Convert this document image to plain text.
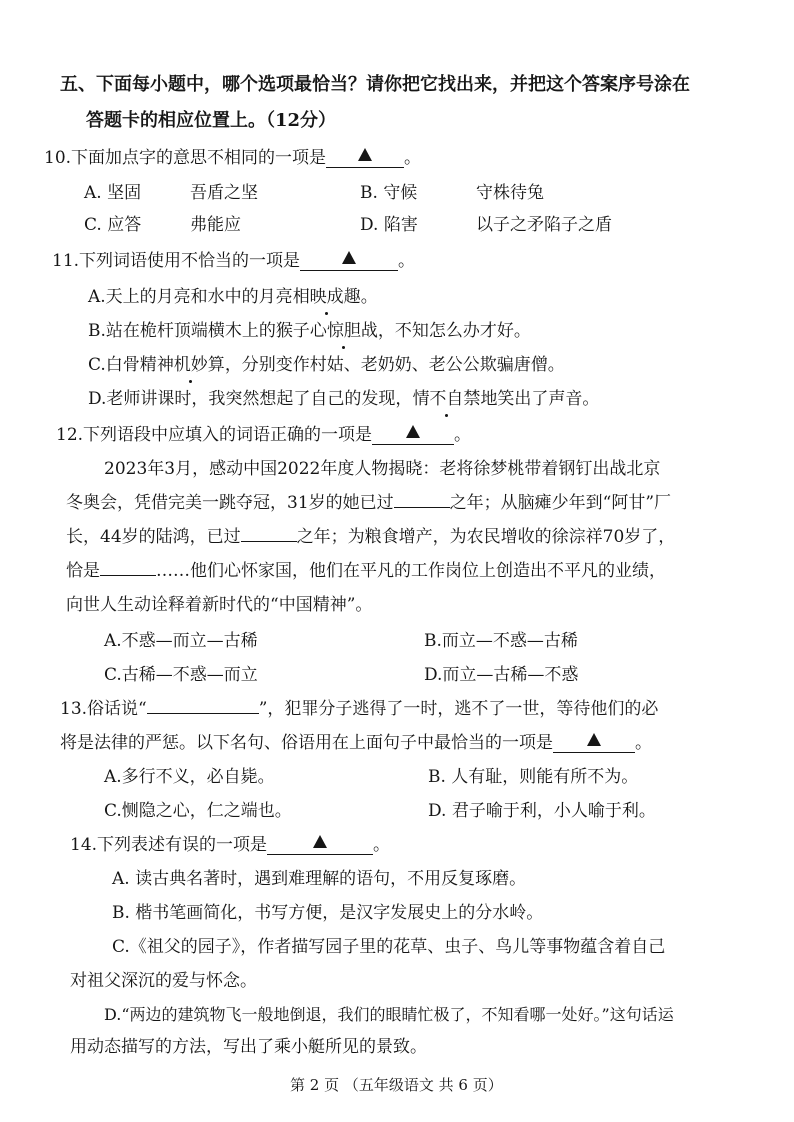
五、下面每小题中，哪个选项最恰当？请你把它找出来，并把这个答案序号涂在
答题卡的相应位置上。（12分）
10.下面加点字的意思不相同的一项是	。
A. 坚固	吾盾之坚	B. 守候	守株待兔
C. 应答	弗能应	D. 陷害	以子之矛陷子之盾
11.下列词语使用不恰当的一项是	。
A.天上的月亮和水中的月亮相映成趣。
B.站在桅杆顶端横木上的猴子心惊胆战，不知怎么办才好。
C.白骨精神机妙算，分别变作村姑、老奶奶、老公公欺骗唐僧。
D.老师讲课时，我突然想起了自己的发现，情不自禁地笑出了声音。
12.下列语段中应填入的词语正确的一项是	。
2023年3月，感动中国2022年度人物揭晓：老将徐梦桃带着钢钉出战北京
冬奥会，凭借完美一跳夺冠，31岁的她已过	之年；从脑瘫少年到“阿甘”厂
长，44岁的陆鸿，已过	之年；为粮食增产，为农民增收的徐淙祥70岁了，
恰是	……他们心怀家国，他们在平凡的工作岗位上创造出不平凡的业绩，
向世人生动诠释着新时代的“中国精神”。
A.不惑—而立—古稀	B.而立—不惑—古稀
C.古稀—不惑—而立	D.而立—古稀—不惑
13.俗话说“	”，犯罪分子逃得了一时，逃不了一世，等待他们的必
将是法律的严惩。以下名句、俗语用在上面句子中最恰当的一项是	。
A.多行不义，必自毙。	B. 人有耻，则能有所不为。
C.恻隐之心，仁之端也。	D. 君子喻于利，小人喻于利。
14.下列表述有误的一项是	。
A. 读古典名著时，遇到难理解的语句，不用反复琢磨。
B. 楷书笔画简化，书写方便，是汉字发展史上的分水岭。
C.《祖父的园子》，作者描写园子里的花草、虫子、鸟儿等事物蕴含着自己
对祖父深沉的爱与怀念。
D.“两边的建筑物飞一般地倒退，我们的眼睛忙极了，不知看哪一处好。”这句话运
用动态描写的方法，写出了乘小艇所见的景致。
第 2 页 （五年级语文 共 6 页）
